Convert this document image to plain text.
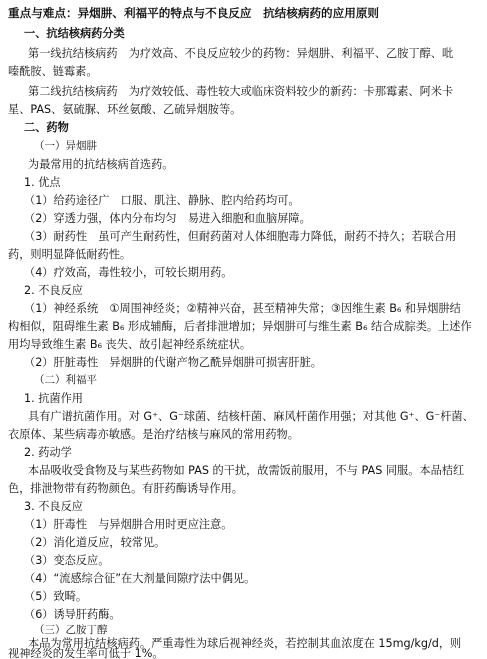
重点与难点：异烟肼、利福平的特点与不良反应　抗结核病药的应用原则
一、抗结核病药分类
第一线抗结核病药　为疗效高、不良反应较少的药物：异烟肼、利福平、乙胺丁醇、吡
嗪酰胺、链霉素。
第二线抗结核病药　为疗效较低、毒性较大或临床资料较少的新药：卡那霉素、阿米卡
星、PAS、氨硫脲、环丝氨酸、乙硫异烟胺等。
二、药物
（一）异烟肼
为最常用的抗结核病首选药。
1. 优点
（1）给药途径广　口服、肌注、静脉、腔内给药均可。
（2）穿透力强，体内分布均匀　易进入细胞和血脑屏障。
（3）耐药性　虽可产生耐药性，但耐药菌对人体细胞毒力降低，耐药不持久；若联合用
药，则明显降低耐药性。
（4）疗效高，毒性较小，可较长期用药。
2. 不良反应
（1）神经系统　①周围神经炎；②精神兴奋，甚至精神失常；③因维生素 B₆ 和异烟肼结
构相似，阻碍维生素 B₆ 形成辅酶，后者排泄增加；异烟肼可与维生素 B₆ 结合成腙类。上述作
用均导致维生素 B₆ 丧失、故引起神经系统症状。
（2）肝脏毒性　异烟肼的代谢产物乙酰异烟肼可损害肝脏。
（二）利福平
1. 抗菌作用
具有广谱抗菌作用。对 G⁺、G⁻球菌、结核杆菌、麻风杆菌作用强；对其他 G⁺、G⁻杆菌、
衣原体、某些病毒亦敏感。是治疗结核与麻风的常用药物。
2. 药动学
本品吸收受食物及与某些药物如 PAS 的干扰，故需饭前服用，不与 PAS 同服。本品桔红
色，排泄物带有药物颜色。有肝药酶诱导作用。
3. 不良反应
（1）肝毒性　与异烟肼合用时更应注意。
（2）消化道反应，较常见。
（3）变态反应。
（4）“流感综合征”在大剂量间隙疗法中偶见。
（5）致畸。
（6）诱导肝药酶。
（三）乙胺丁醇
本品为常用抗结核病药。严重毒性为球后视神经炎，若控制其血浓度在 15mg/kg/d，则
视神经炎的发生率可低于 1%。
